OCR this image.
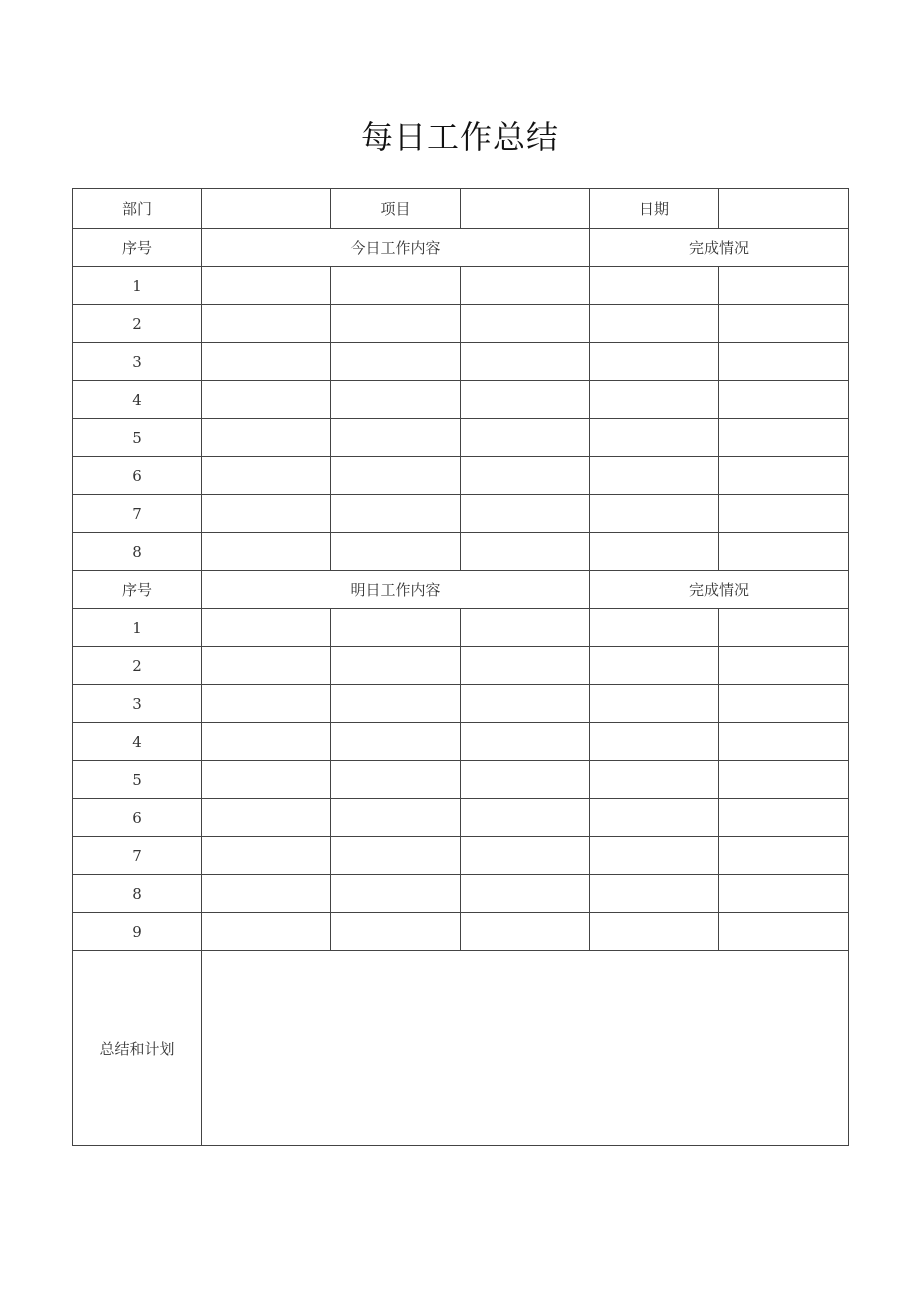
每日工作总结
部门		项目		日期	
序号	今日工作内容			完成情况	
1					
2					
3					
4					
5					
6					
7					
8					
序号	明日工作内容			完成情况	
1					
2					
3					
4					
5					
6					
7					
8					
9					
总结和计划					
